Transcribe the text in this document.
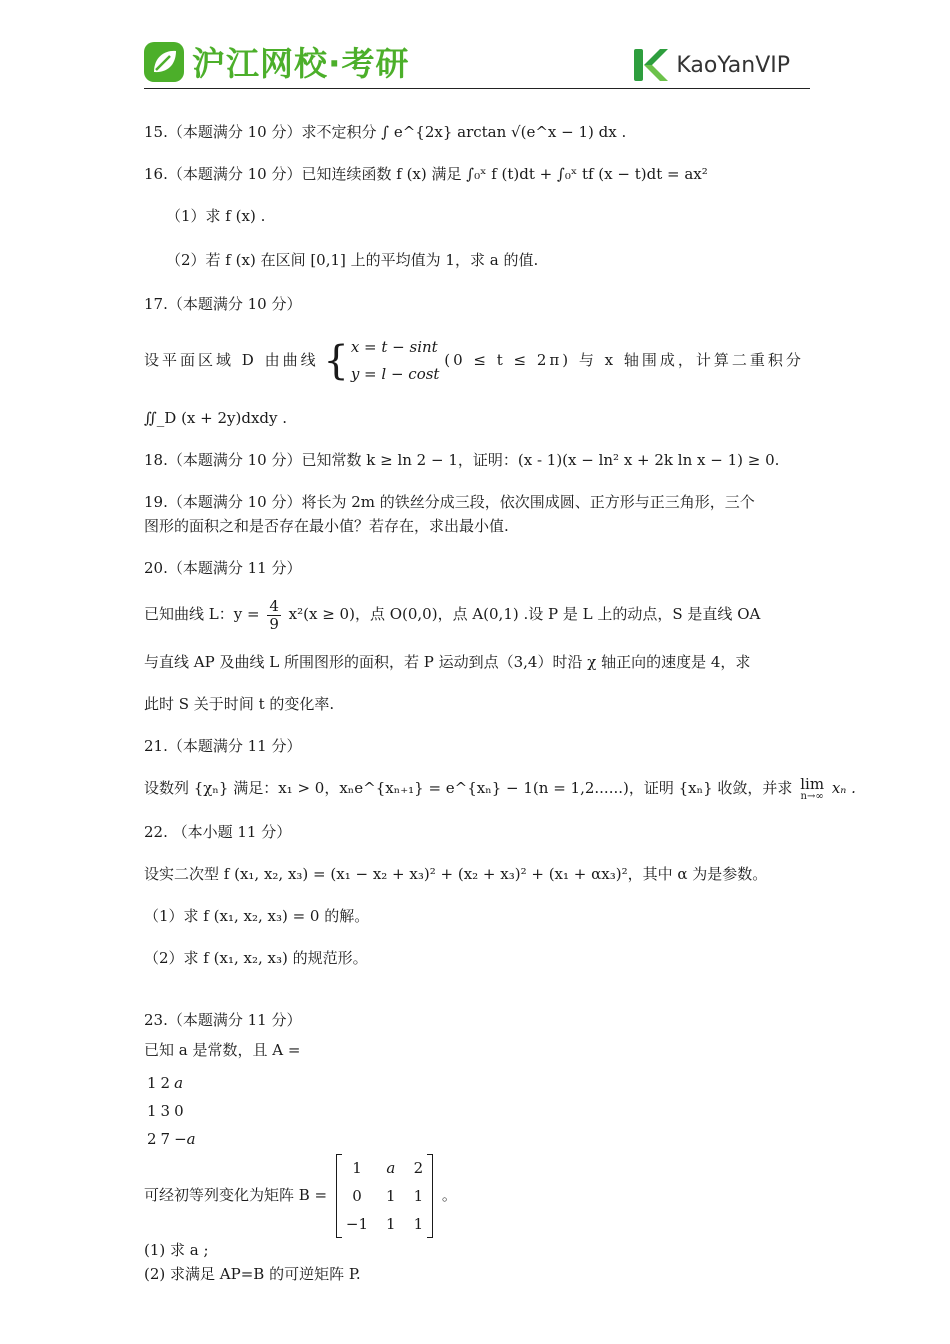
沪江网校·考研	KaoYanVIP

15.（本题满分 10 分）求不定积分 ∫ e^{2x} arctan √(e^x − 1) dx .

16.（本题满分 10 分）已知连续函数 f (x) 满足 ∫₀ˣ f (t)dt + ∫₀ˣ tf (x − t)dt = ax²

（1）求 f (x) .

（2）若 f (x) 在区间 [0,1] 上的平均值为 1，求 a 的值.

17.（本题满分 10 分）

设平面区域 D 由曲线 { x = t − sint
y = l − cost
(0 ≤ t ≤ 2π) 与 x 轴围成，计算二重积分

∬_D (x + 2y)dxdy .

18.（本题满分 10 分）已知常数 k ≥ ln 2 − 1，证明：(x - 1)(x − ln² x + 2k ln x − 1) ≥ 0.

19.（本题满分 10 分）将长为 2m 的铁丝分成三段，依次围成圆、正方形与正三角形，三个

图形的面积之和是否存在最小值？若存在，求出最小值.

20.（本题满分 11 分）

已知曲线 L：$y = \frac{4}{9} x^2(x \ge 0)$，点 O(0,0)，点 A(0,1) .设 P 是 L 上的动点，S 是直线 OA

与直线 AP 及曲线 L 所围图形的面积，若 P 运动到点（3,4）时沿 χ 轴正向的速度是 4，求

此时 S 关于时间 t 的变化率.

21.（本题满分 11 分）

设数列 {χₙ} 满足：x₁ > 0，xₙe^{xₙ₊₁} = e^{xₙ} − 1(n = 1,2......)，证明 {xₙ} 收敛，并求 lim
n→∞ xₙ .

22. （本小题 11 分）

设实二次型 f (x₁, x₂, x₃) = (x₁ − x₂ + x₃)² + (x₂ + x₃)² + (x₁ + αx₃)²，其中 α 为是参数。

（1）求 f (x₁, x₂, x₃) = 0 的解。

（2）求 f (x₁, x₂, x₃) 的规范形。

23.（本题满分 11 分）

已知 a 是常数，且 A =

1	2	a
1	3	0
2	7	−a
可经初等列变化为矩阵 B =
1	a	2
0	1	1
−1	1	1

。

(1) 求 a ;

(2) 求满足 AP=B 的可逆矩阵 P.
